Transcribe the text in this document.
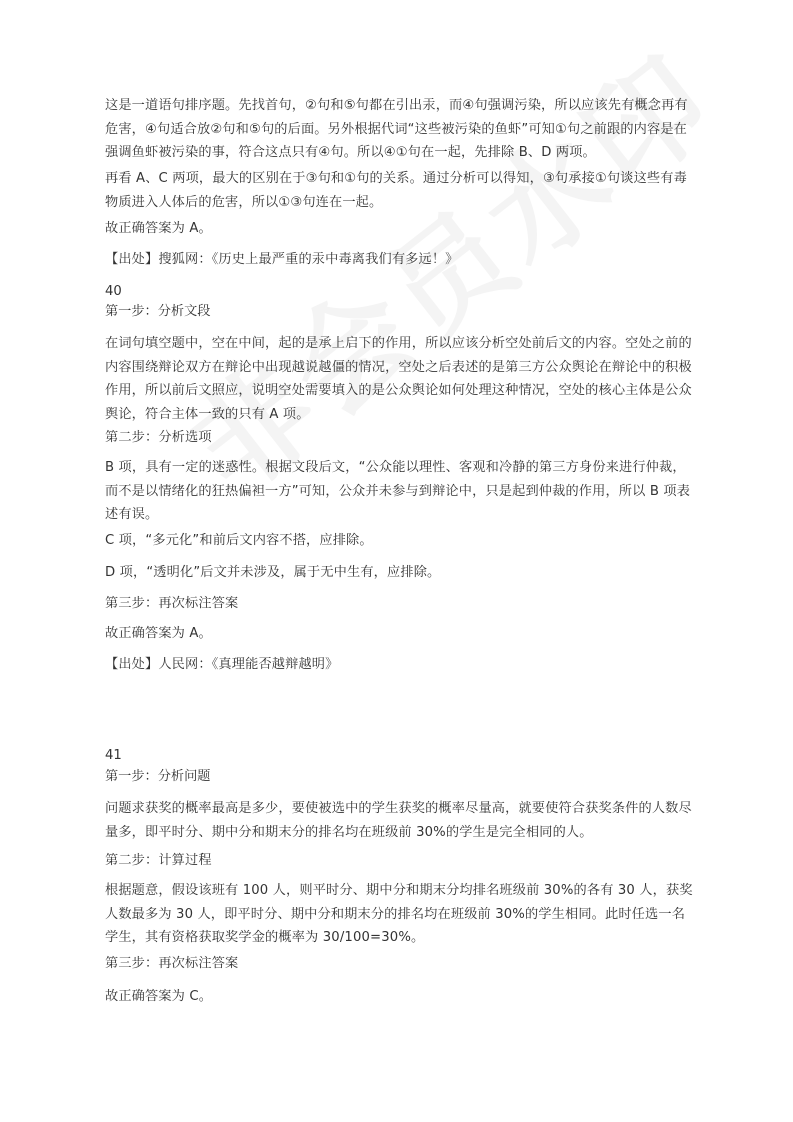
这是一道语句排序题。先找首句，②句和⑤句都在引出汞，而④句强调污染，所以应该先有概念再有危害，④句适合放②句和⑤句的后面。另外根据代词“这些被污染的鱼虾”可知①句之前跟的内容是在强调鱼虾被污染的事，符合这点只有④句。所以④①句在一起，先排除 B、D 两项。

再看 A、C 两项，最大的区别在于③句和①句的关系。通过分析可以得知，③句承接①句谈这些有毒物质进入人体后的危害，所以①③句连在一起。

故正确答案为 A。

【出处】搜狐网：《历史上最严重的汞中毒离我们有多远！》

40

第一步：分析文段

在词句填空题中，空在中间，起的是承上启下的作用，所以应该分析空处前后文的内容。空处之前的内容围绕辩论双方在辩论中出现越说越僵的情况，空处之后表述的是第三方公众舆论在辩论中的积极作用，所以前后文照应，说明空处需要填入的是公众舆论如何处理这种情况，空处的核心主体是公众舆论，符合主体一致的只有 A 项。

第二步：分析选项

B 项，具有一定的迷惑性。根据文段后文，“公众能以理性、客观和冷静的第三方身份来进行仲裁，而不是以情绪化的狂热偏袒一方”可知，公众并未参与到辩论中，只是起到仲裁的作用，所以 B 项表述有误。

C 项，“多元化”和前后文内容不搭，应排除。

D 项，“透明化”后文并未涉及，属于无中生有，应排除。

第三步：再次标注答案

故正确答案为 A。

【出处】人民网：《真理能否越辩越明》

41

第一步：分析问题

问题求获奖的概率最高是多少，要使被选中的学生获奖的概率尽量高，就要使符合获奖条件的人数尽量多，即平时分、期中分和期末分的排名均在班级前 30%的学生是完全相同的人。

第二步：计算过程

根据题意，假设该班有 100 人，则平时分、期中分和期末分均排名班级前 30%的各有 30 人，获奖人数最多为 30 人，即平时分、期中分和期末分的排名均在班级前 30%的学生相同。此时任选一名学生，其有资格获取奖学金的概率为 30/100=30%。

第三步：再次标注答案

故正确答案为 C。
